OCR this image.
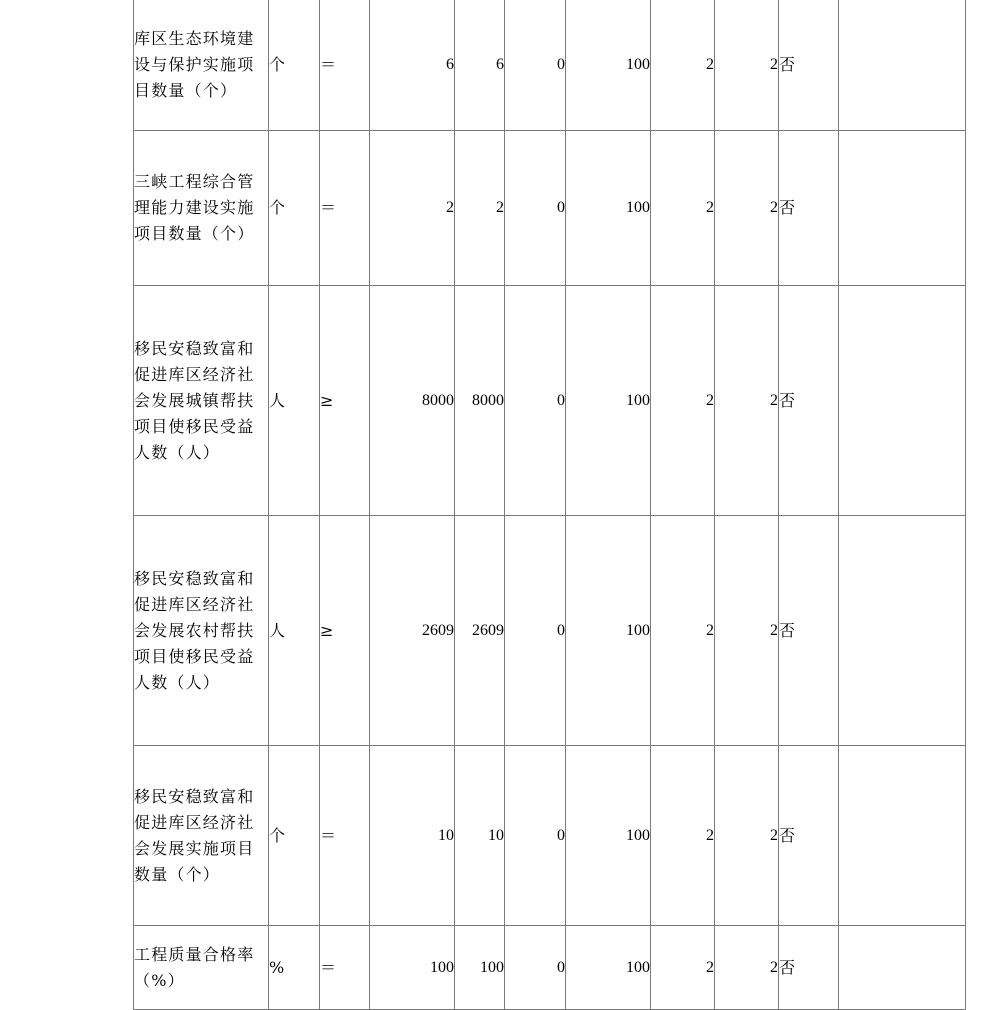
库区生态环境建设与保护实施项目数量（个）	个	＝	6	6	0	100	2	2	否	
三峡工程综合管理能力建设实施项目数量（个）	个	＝	2	2	0	100	2	2	否	
移民安稳致富和促进库区经济社会发展城镇帮扶项目使移民受益人数（人）	人	≥	8000	8000	0	100	2	2	否	
移民安稳致富和促进库区经济社会发展农村帮扶项目使移民受益人数（人）	人	≥	2609	2609	0	100	2	2	否	
移民安稳致富和促进库区经济社会发展实施项目数量（个）	个	＝	10	10	0	100	2	2	否	
工程质量合格率（%）	%	＝	100	100	0	100	2	2	否	
